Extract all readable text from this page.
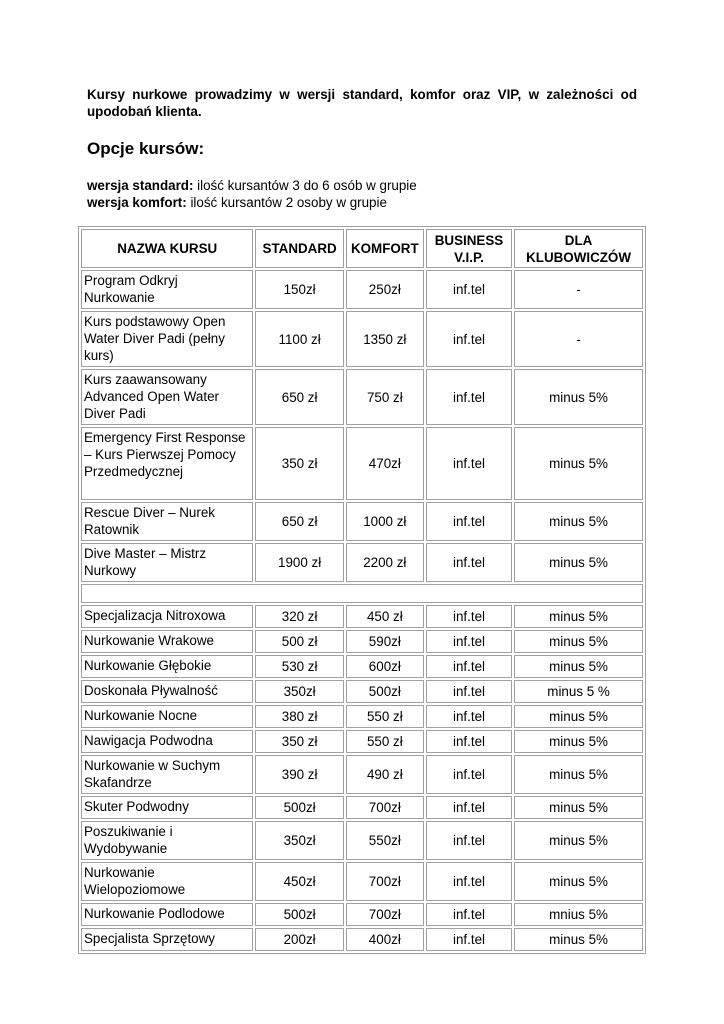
Kursy nurkowe prowadzimy w wersji standard, komfor oraz VIP, w zależności od upodobań klienta.
Opcje kursów:
wersja standard: ilość kursantów 3 do 6 osób w grupie
wersja komfort: ilość kursantów 2 osoby w grupie
NAZWA KURSU	STANDARD	KOMFORT	BUSINESS V.I.P.	DLA KLUBOWICZÓW
Program Odkryj Nurkowanie	150zł	250zł	inf.tel	-
Kurs podstawowy Open Water Diver Padi (pełny kurs)	1100 zł	1350 zł	inf.tel	-
Kurs zaawansowany Advanced Open Water Diver Padi	650 zł	750 zł	inf.tel	minus 5%
Emergency First Response – Kurs Pierwszej Pomocy Przedmedycznej	350 zł	470zł	inf.tel	minus 5%
Rescue Diver – Nurek Ratownik	650 zł	1000 zł	inf.tel	minus 5%
Dive Master – Mistrz Nurkowy	1900 zł	2200 zł	inf.tel	minus 5%

Specjalizacja Nitroxowa	320 zł	450 zł	inf.tel	minus 5%
Nurkowanie Wrakowe	500 zł	590zł	inf.tel	minus 5%
Nurkowanie Głębokie	530 zł	600zł	inf.tel	minus 5%
Doskonała Pływalność	350zł	500zł	inf.tel	minus 5 %
Nurkowanie Nocne	380 zł	550 zł	inf.tel	minus 5%
Nawigacja Podwodna	350 zł	550 zł	inf.tel	minus 5%
Nurkowanie w Suchym Skafandrze	390 zł	490 zł	inf.tel	minus 5%
Skuter Podwodny	500zł	700zł	inf.tel	minus 5%
Poszukiwanie i Wydobywanie	350zł	550zł	inf.tel	minus 5%
Nurkowanie Wielopoziomowe	450zł	700zł	inf.tel	minus 5%
Nurkowanie Podlodowe	500zł	700zł	inf.tel	mnius 5%
Specjalista Sprzętowy	200zł	400zł	inf.tel	minus 5%
